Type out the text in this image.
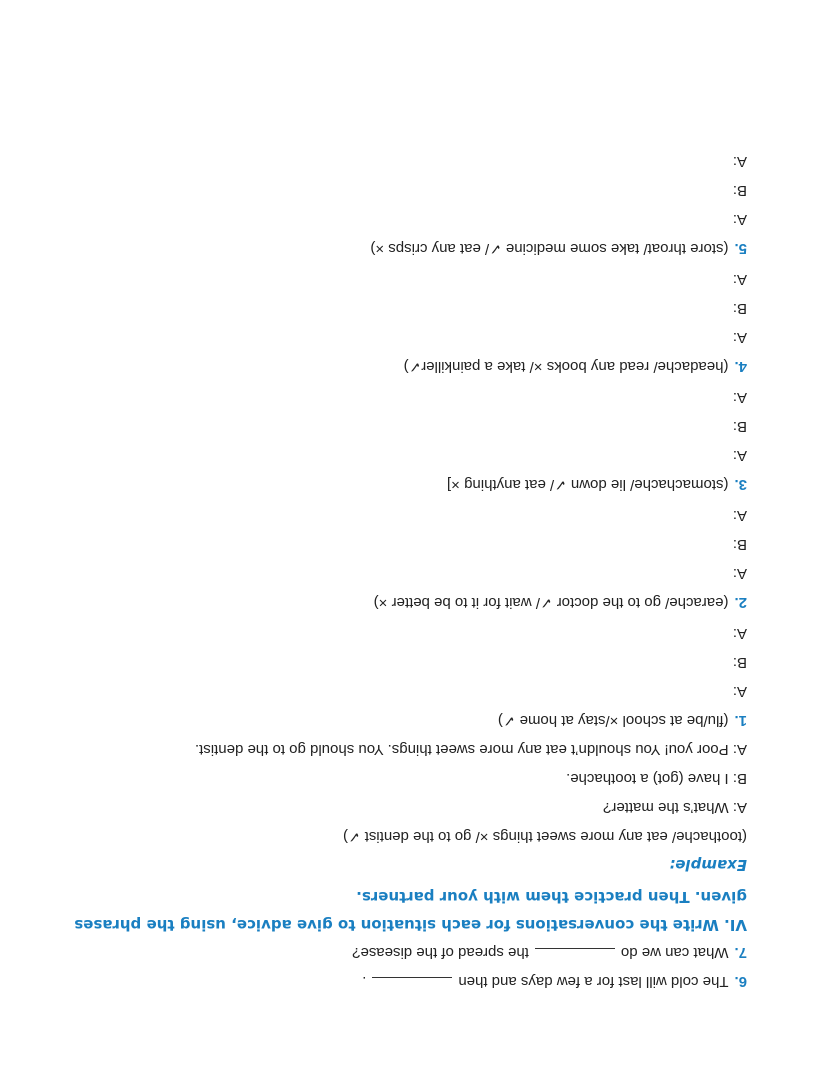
6.The cold will last for a few days and then.
7.What can we dothe spread of the disease?
VI. Write the conversations for each situation to give advice, using the phrases
given. Then practice them with your partners.
Example:
(toothache/ eat any more sweet things ×/ go to the dentist ✓)
A: What’s the matter?
B: I have (got) a toothache.
A: Poor you! You shouldn’t eat any more sweet things. You should go to the dentist.
1.(flu/be at school ×/stay at home ✓)
A:
B:
A:
2.(earache/ go to the doctor ✓/ wait for it to be better ×)
A:
B:
A:
3.(stomachache/ lie down ✓/ eat anything ×]
A:
B:
A:
4.(headache/ read any books ×/ take a painkiller✓)
A:
B:
A:
5.(store throat/ take some medicine ✓/ eat any crisps ×)
A:
B:
A:
